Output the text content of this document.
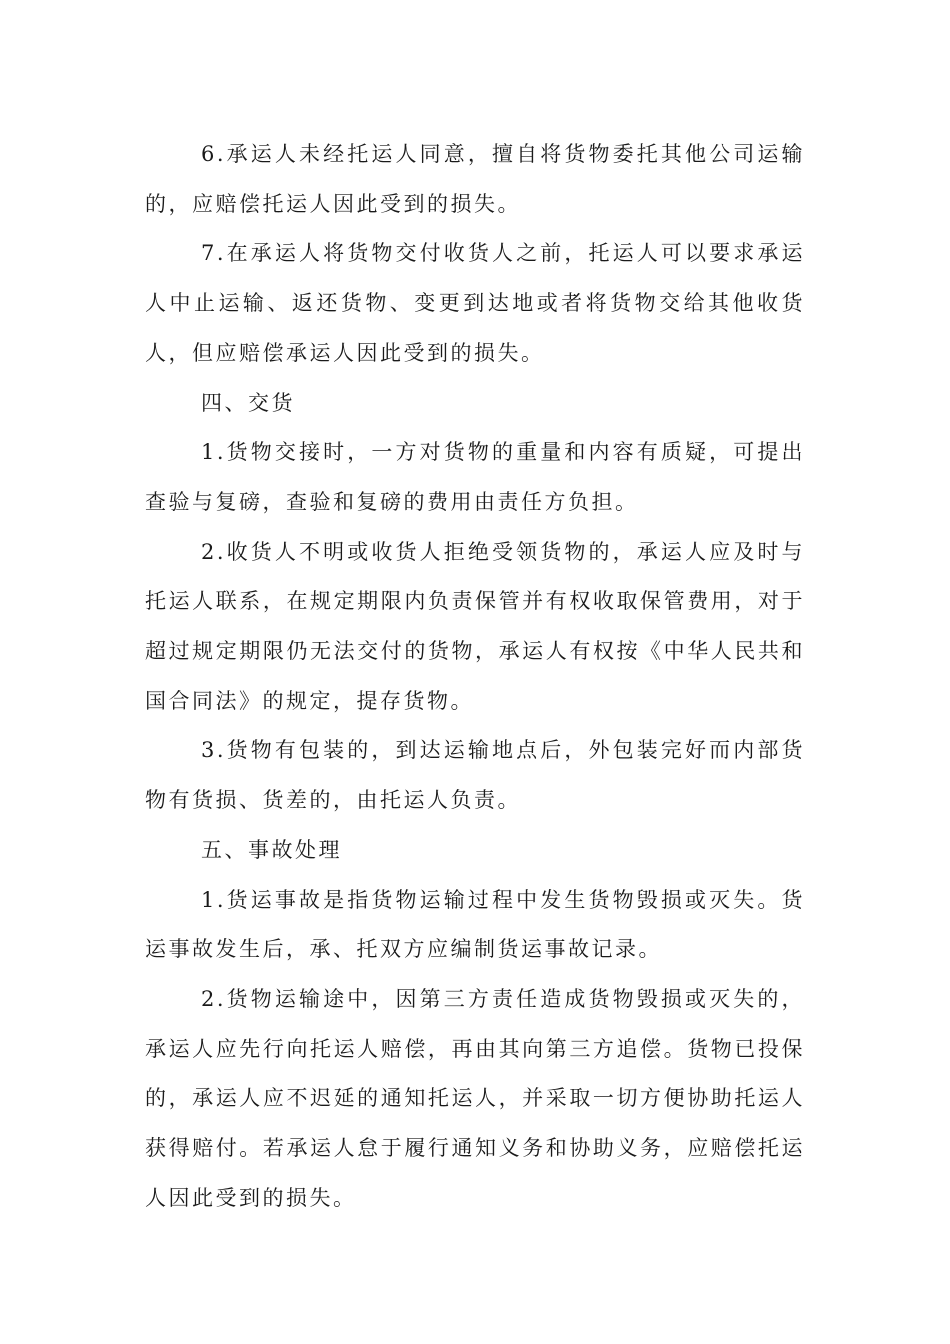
6.承运人未经托运人同意，擅自将货物委托其他公司运输的，应赔偿托运人因此受到的损失。

7.在承运人将货物交付收货人之前，托运人可以要求承运人中止运输、返还货物、变更到达地或者将货物交给其他收货人，但应赔偿承运人因此受到的损失。

四、交货

1.货物交接时，一方对货物的重量和内容有质疑，可提出查验与复磅，查验和复磅的费用由责任方负担。

2.收货人不明或收货人拒绝受领货物的，承运人应及时与托运人联系，在规定期限内负责保管并有权收取保管费用，对于超过规定期限仍无法交付的货物，承运人有权按《中华人民共和国合同法》的规定，提存货物。

3.货物有包装的，到达运输地点后，外包装完好而内部货物有货损、货差的，由托运人负责。

五、事故处理

1.货运事故是指货物运输过程中发生货物毁损或灭失。货运事故发生后，承、托双方应编制货运事故记录。

2.货物运输途中，因第三方责任造成货物毁损或灭失的，承运人应先行向托运人赔偿，再由其向第三方追偿。货物已投保的，承运人应不迟延的通知托运人，并采取一切方便协助托运人获得赔付。若承运人怠于履行通知义务和协助义务，应赔偿托运人因此受到的损失。
